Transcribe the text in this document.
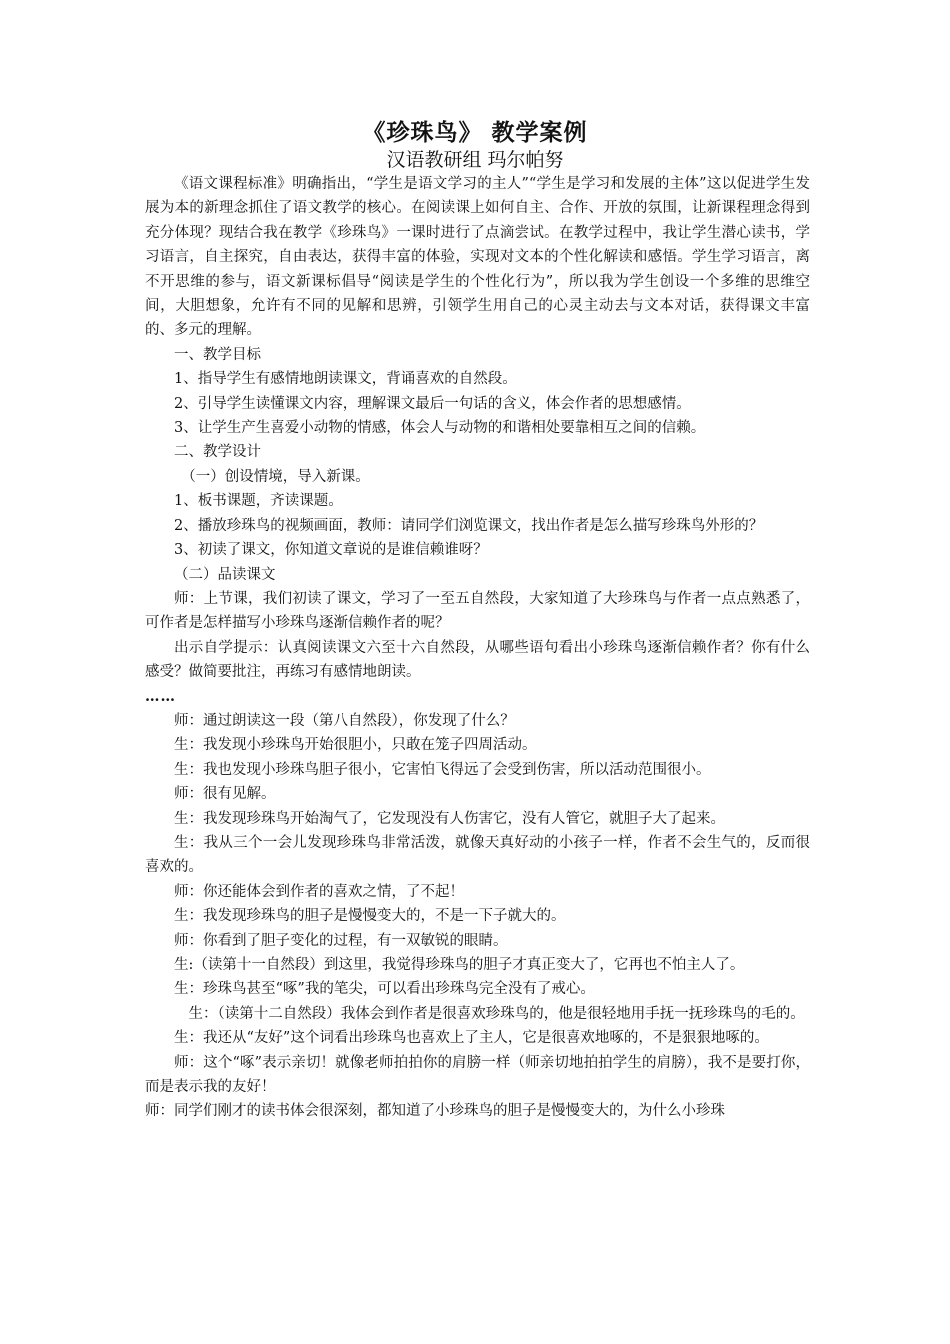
《珍珠鸟》 教学案例
汉语教研组 玛尔帕努

《语文课程标准》明确指出，“学生是语文学习的主人”“学生是学习和发展的主体”这以促进学生发展为本的新理念抓住了语文教学的核心。在阅读课上如何自主、合作、开放的氛围，让新课程理念得到充分体现？现结合我在教学《珍珠鸟》一课时进行了点滴尝试。在教学过程中，我让学生潜心读书，学习语言，自主探究，自由表达，获得丰富的体验，实现对文本的个性化解读和感悟。学生学习语言，离不开思维的参与，语文新课标倡导“阅读是学生的个性化行为”，所以我为学生创设一个多维的思维空间，大胆想象，允许有不同的见解和思辨，引领学生用自己的心灵主动去与文本对话，获得课文丰富的、多元的理解。

一、教学目标

1、指导学生有感情地朗读课文，背诵喜欢的自然段。

2、引导学生读懂课文内容，理解课文最后一句话的含义，体会作者的思想感情。

3、让学生产生喜爱小动物的情感，体会人与动物的和谐相处要靠相互之间的信赖。

二、教学设计

（一）创设情境，导入新课。

1、板书课题，齐读课题。

2、播放珍珠鸟的视频画面，教师：请同学们浏览课文，找出作者是怎么描写珍珠鸟外形的？

3、初读了课文，你知道文章说的是谁信赖谁呀？

（二）品读课文

师：上节课，我们初读了课文，学习了一至五自然段，大家知道了大珍珠鸟与作者一点点熟悉了，可作者是怎样描写小珍珠鸟逐渐信赖作者的呢？

出示自学提示：认真阅读课文六至十六自然段，从哪些语句看出小珍珠鸟逐渐信赖作者？你有什么感受？做简要批注，再练习有感情地朗读。

……

师：通过朗读这一段（第八自然段），你发现了什么？

生：我发现小珍珠鸟开始很胆小，只敢在笼子四周活动。

生：我也发现小珍珠鸟胆子很小，它害怕飞得远了会受到伤害，所以活动范围很小。

师：很有见解。

生：我发现珍珠鸟开始淘气了，它发现没有人伤害它，没有人管它，就胆子大了起来。

生：我从三个一会儿发现珍珠鸟非常活泼，就像天真好动的小孩子一样，作者不会生气的，反而很喜欢的。

师：你还能体会到作者的喜欢之情，了不起！

生：我发现珍珠鸟的胆子是慢慢变大的，不是一下子就大的。

师：你看到了胆子变化的过程，有一双敏锐的眼睛。

生:（读第十一自然段）到这里，我觉得珍珠鸟的胆子才真正变大了，它再也不怕主人了。

生：珍珠鸟甚至“啄”我的笔尖，可以看出珍珠鸟完全没有了戒心。

生：（读第十二自然段）我体会到作者是很喜欢珍珠鸟的，他是很轻地用手抚一抚珍珠鸟的毛的。

生：我还从“友好”这个词看出珍珠鸟也喜欢上了主人，它是很喜欢地啄的，不是狠狠地啄的。

师：这个“啄”表示亲切！就像老师拍拍你的肩膀一样（师亲切地拍拍学生的肩膀），我不是要打你，而是表示我的友好！

师：同学们刚才的读书体会很深刻，都知道了小珍珠鸟的胆子是慢慢变大的，为什么小珍珠
